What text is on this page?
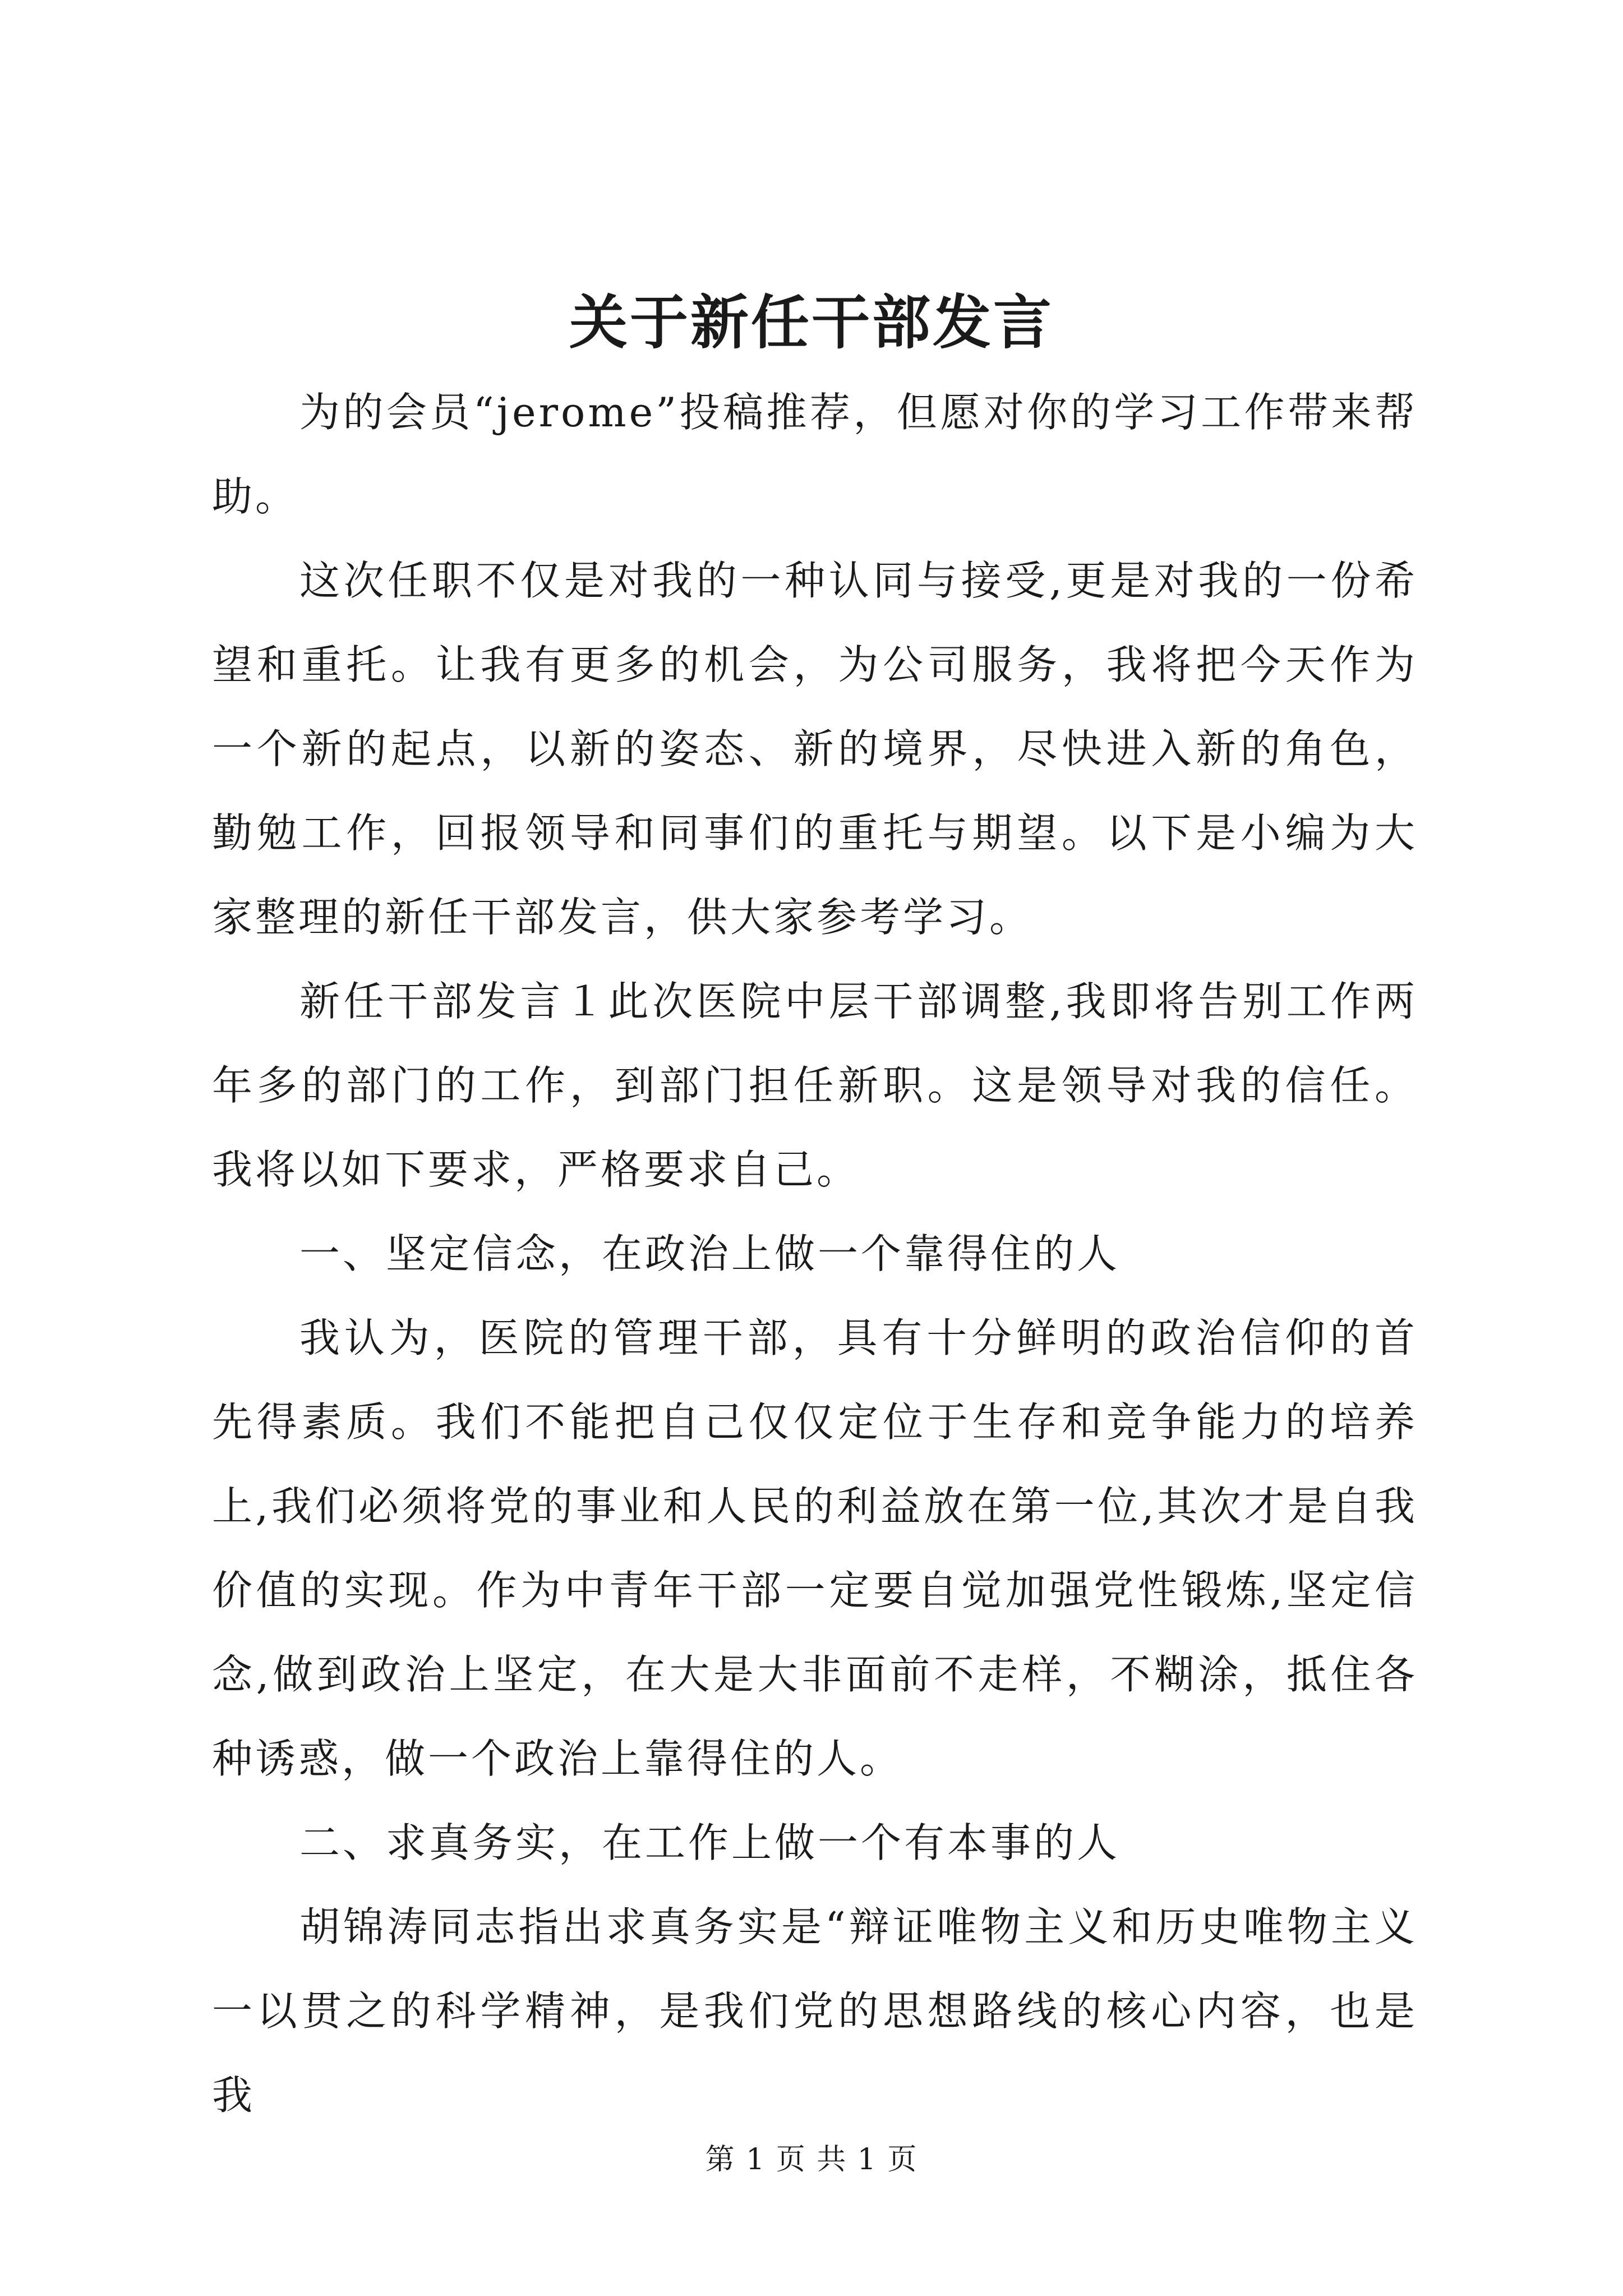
关于新任干部发言

为的会员“jerome”投稿推荐，但愿对你的学习工作带来帮助。

这次任职不仅是对我的一种认同与接受,更是对我的一份希望和重托。让我有更多的机会，为公司服务，我将把今天作为一个新的起点，以新的姿态、新的境界，尽快进入新的角色，勤勉工作，回报领导和同事们的重托与期望。以下是小编为大家整理的新任干部发言，供大家参考学习。

新任干部发言１此次医院中层干部调整,我即将告别工作两年多的部门的工作，到部门担任新职。这是领导对我的信任。我将以如下要求，严格要求自己。

一、坚定信念，在政治上做一个靠得住的人

我认为，医院的管理干部，具有十分鲜明的政治信仰的首先得素质。我们不能把自己仅仅定位于生存和竞争能力的培养上,我们必须将党的事业和人民的利益放在第一位,其次才是自我价值的实现。作为中青年干部一定要自觉加强党性锻炼,坚定信念,做到政治上坚定，在大是大非面前不走样，不糊涂，抵住各种诱惑，做一个政治上靠得住的人。

二、求真务实，在工作上做一个有本事的人

胡锦涛同志指出求真务实是“辩证唯物主义和历史唯物主义一以贯之的科学精神，是我们党的思想路线的核心内容，也是我

第 1 页 共 1 页
